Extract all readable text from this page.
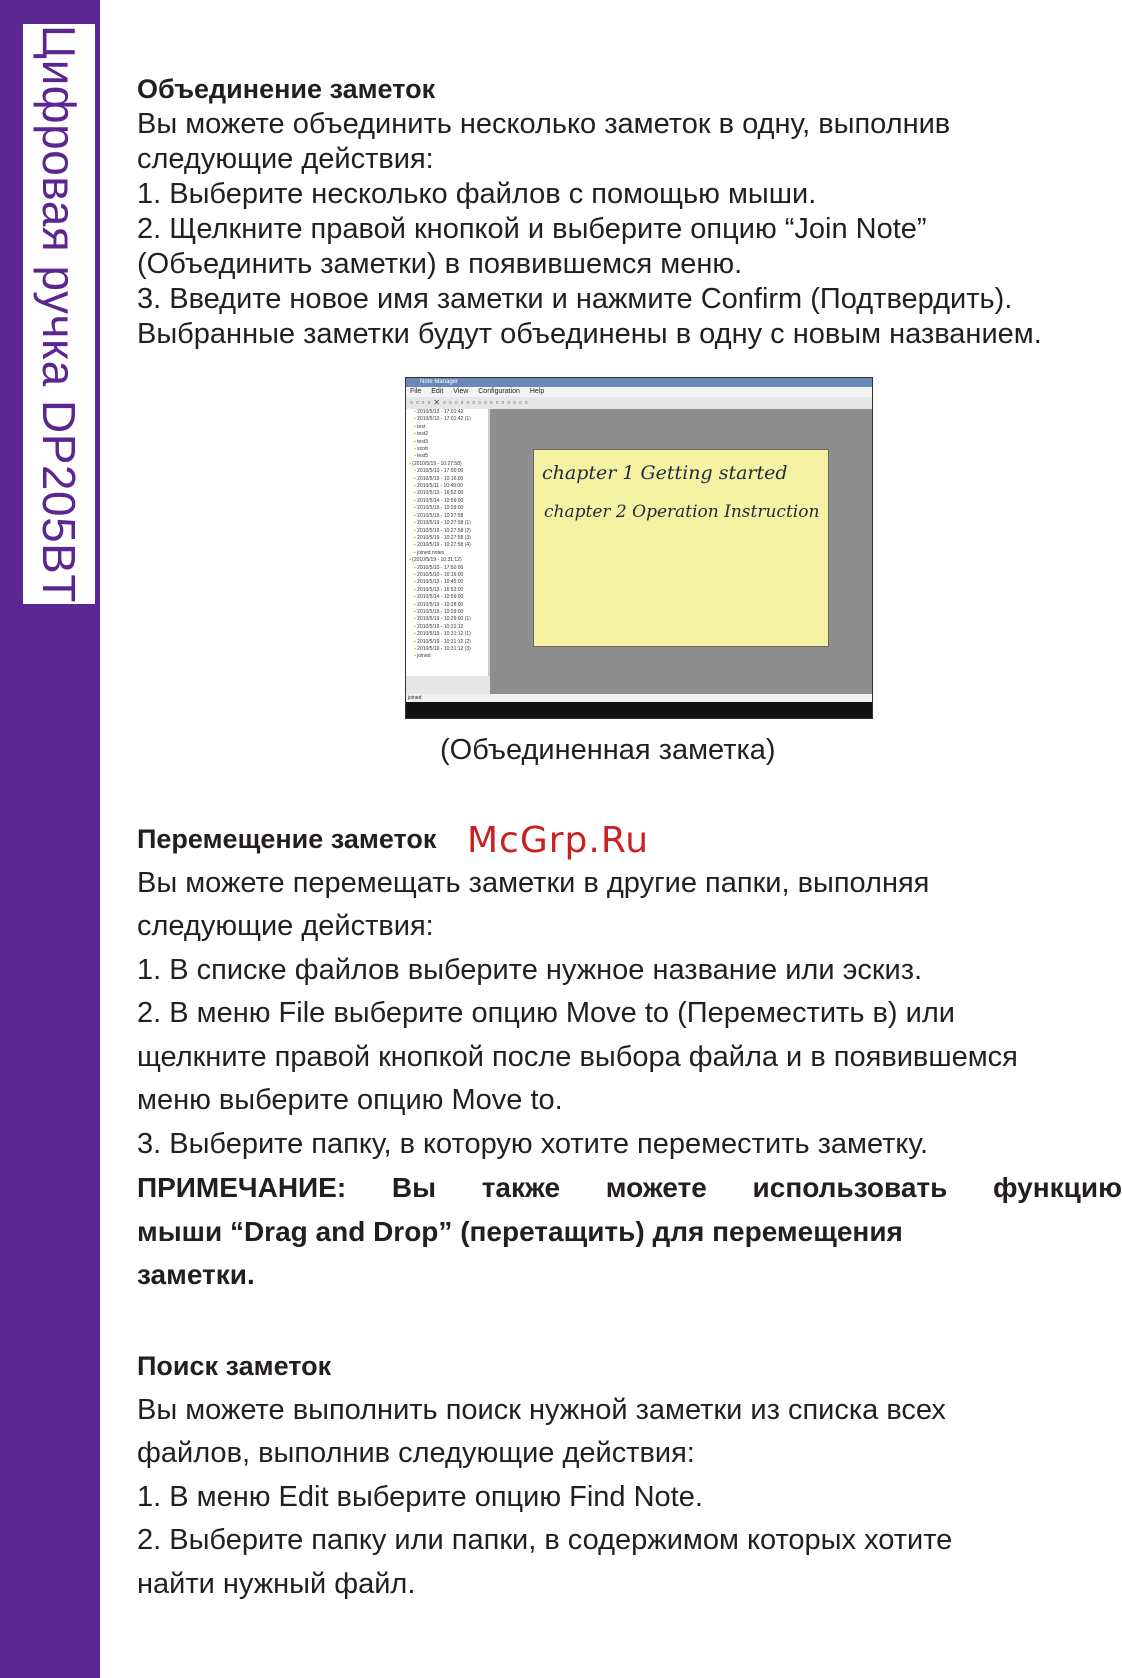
Цифровая ручка DP205BT	Объединение заметок

Вы можете объединить несколько заметок в одну, выполнив

следующие действия:

1. Выберите несколько файлов с помощью мыши.

2. Щелкните правой кнопкой и выберите опцию “Join Note”

(Объединить заметки) в появившемся меню.

3. Введите новое имя заметки и нажмите Confirm (Подтвердить).

Выбранные заметки будут объединены в одну с новым названием.

Note Manager
File Edit View Configuration Help
▫▫▫▫✕▫▫▫▫▫▫▫▫▫▫▫▫▫▫▫
▪ 2010/5/13 - 17:01:42
▪ 2010/5/13 - 17:01:42 (1)
▪ test
▪ test2
▪ test3
▪ scott
▪ test5
▪ (2010/5/19 - 10:27:58)
▪ 2010/5/10 - 17:50:00
▪ 2010/5/10 - 10:16:00
▪ 2010/5/11 - 10:49:00
▪ 2010/5/13 - 16:52:00
▪ 2010/5/14 - 10:59:00
▪ 2010/5/19 - 10:29:00
▪ 2010/5/19 - 10:27:58
▪ 2010/5/19 - 10:27:58 (1)
▪ 2010/5/19 - 10:27:58 (2)
▪ 2010/5/19 - 10:27:58 (3)
▪ 2010/5/19 - 10:27:58 (4)
▪ joined notes
▪ (2010/5/19 - 10:31:12)
▪ 2010/5/10 - 17:50:00
▪ 2010/5/10 - 10:16:00
▪ 2010/5/13 - 10:45:00
▪ 2010/5/13 - 16:53:00
▪ 2010/5/14 - 10:59:00
▪ 2010/5/19 - 10:28:00
▪ 2010/5/19 - 10:29:00
▪ 2010/5/19 - 10:29:00 (1)
▪ 2010/5/19 - 10:31:12
▪ 2010/5/19 - 10:31:12 (1)
▪ 2010/5/19 - 10:31:12 (2)
▪ 2010/5/19 - 10:31:12 (3)
▪ joined
chapter 1 Getting started
chapter 2 Operation Instruction
joined
(Объединенная заметка)

Перемещение заметок

Вы можете перемещать заметки в другие папки, выполняя

следующие действия:

1. В списке файлов выберите нужное название или эскиз.

2. В меню File выберите опцию Move to (Переместить в) или

щелкните правой кнопкой после выбора файла и в появившемся

меню выберите опцию Move to.

3. Выберите папку, в которую хотите переместить заметку.

ПРИМЕЧАНИЕ: Вы также можете использовать функцию

мыши “Drag and Drop” (перетащить) для перемещения

заметки.

McGrp.Ru

Поиск заметок

Вы можете выполнить поиск нужной заметки из списка всех

файлов, выполнив следующие действия:

1. В меню Edit выберите опцию Find Note.

2. Выберите папку или папки, в содержимом которых хотите

найти нужный файл.
